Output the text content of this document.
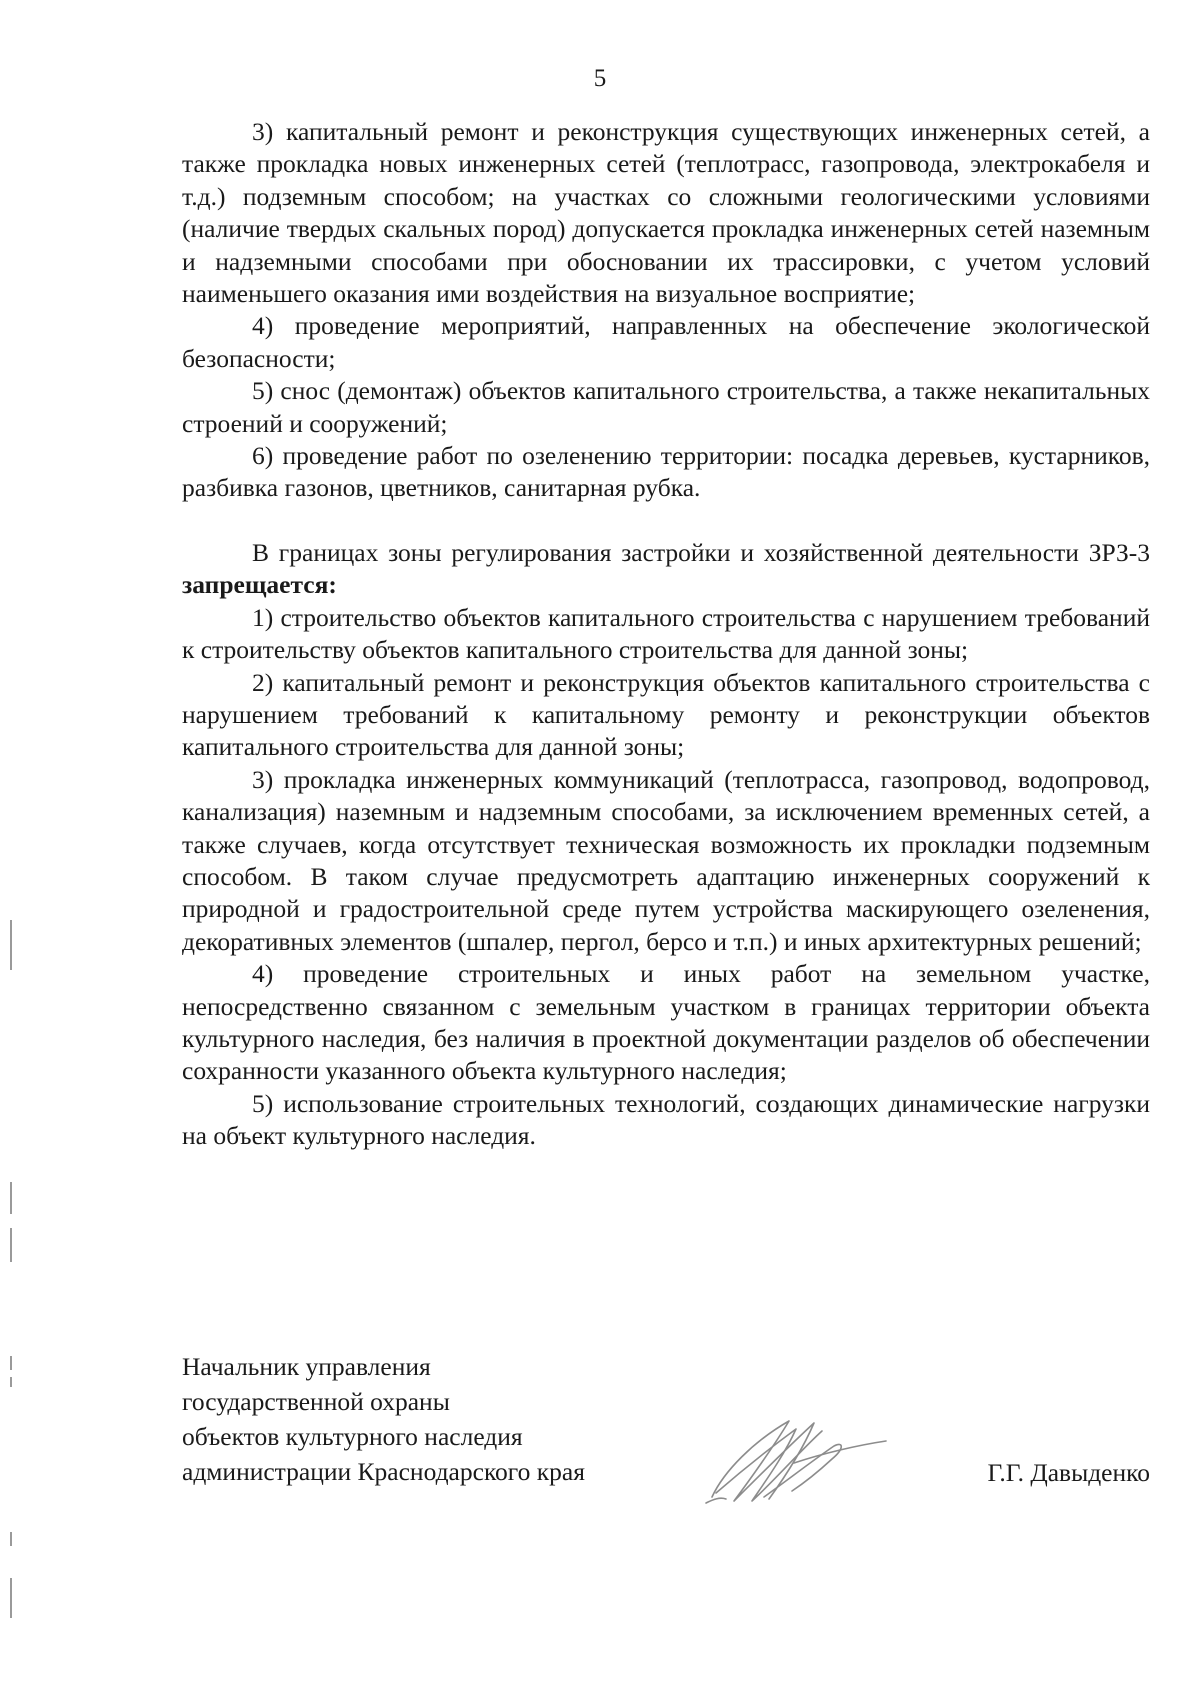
5

3) капитальный ремонт и реконструкция существующих инженерных сетей, а также прокладка новых инженерных сетей (теплотрасс, газопровода, электрокабеля и т.д.) подземным способом; на участках со сложными геологическими условиями (наличие твердых скальных пород) допускается прокладка инженерных сетей наземным и надземными способами при обосновании их трассировки, с учетом условий наименьшего оказания ими воздействия на визуальное восприятие;

4) проведение мероприятий, направленных на обеспечение экологической безопасности;

5) снос (демонтаж) объектов капитального строительства, а также некапитальных строений и сооружений;

6) проведение работ по озеленению территории: посадка деревьев, кустарников, разбивка газонов, цветников, санитарная рубка.

В границах зоны регулирования застройки и хозяйственной деятельности ЗРЗ-3 запрещается:

1) строительство объектов капитального строительства с нарушением требований к строительству объектов капитального строительства для данной зоны;

2) капитальный ремонт и реконструкция объектов капитального строительства с нарушением требований к капитальному ремонту и реконструкции объектов капитального строительства для данной зоны;

3) прокладка инженерных коммуникаций (теплотрасса, газопровод, водопровод, канализация) наземным и надземным способами, за исключением временных сетей, а также случаев, когда отсутствует техническая возможность их прокладки подземным способом. В таком случае предусмотреть адаптацию инженерных сооружений к природной и градостроительной среде путем устройства маскирующего озеленения, декоративных элементов (шпалер, пергол, берсо и т.п.) и иных архитектурных решений;

4) проведение строительных и иных работ на земельном участке, непосредственно связанном с земельным участком в границах территории объекта культурного наследия, без наличия в проектной документации разделов об обеспечении сохранности указанного объекта культурного наследия;

5) использование строительных технологий, создающих динамические нагрузки на объект культурного наследия.

Начальник управления
государственной охраны
объектов культурного наследия
администрации Краснодарского края	Г.Г. Давыденко
